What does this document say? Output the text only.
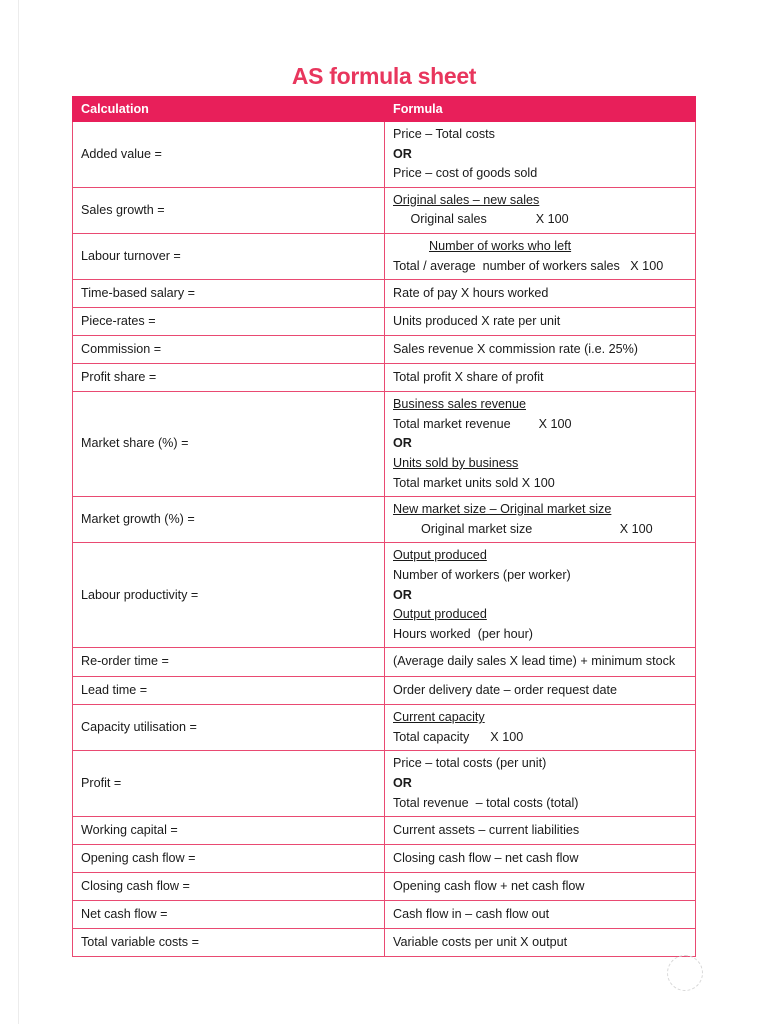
AS formula sheet
Calculation	Formula
Added value =	Price – Total costs
OR
Price – cost of goods sold

Sales growth =	Original sales – new sales
Original sales              X 100

Labour turnover =	Number of works who left
Total / average  number of workers sales   X 100

Time-based salary =	Rate of pay X hours worked

Piece-rates =	Units produced X rate per unit

Commission =	Sales revenue X commission rate (i.e. 25%)

Profit share =	Total profit X share of profit

Market share (%) =	Business sales revenue
Total market revenue        X 100
OR
Units sold by business
Total market units sold X 100

Market growth (%) =	New market size – Original market size
Original market size                         X 100

Labour productivity =	Output produced
Number of workers (per worker)
OR
Output produced
Hours worked  (per hour)

Re-order time =	(Average daily sales X lead time) + minimum stock

Lead time =	Order delivery date – order request date

Capacity utilisation =	Current capacity
Total capacity      X 100

Profit =	Price – total costs (per unit)
OR
Total revenue  – total costs (total)

Working capital =	Current assets – current liabilities

Opening cash flow =	Closing cash flow – net cash flow

Closing cash flow =	Opening cash flow + net cash flow

Net cash flow =	Cash flow in – cash flow out

Total variable costs =	Variable costs per unit X output
